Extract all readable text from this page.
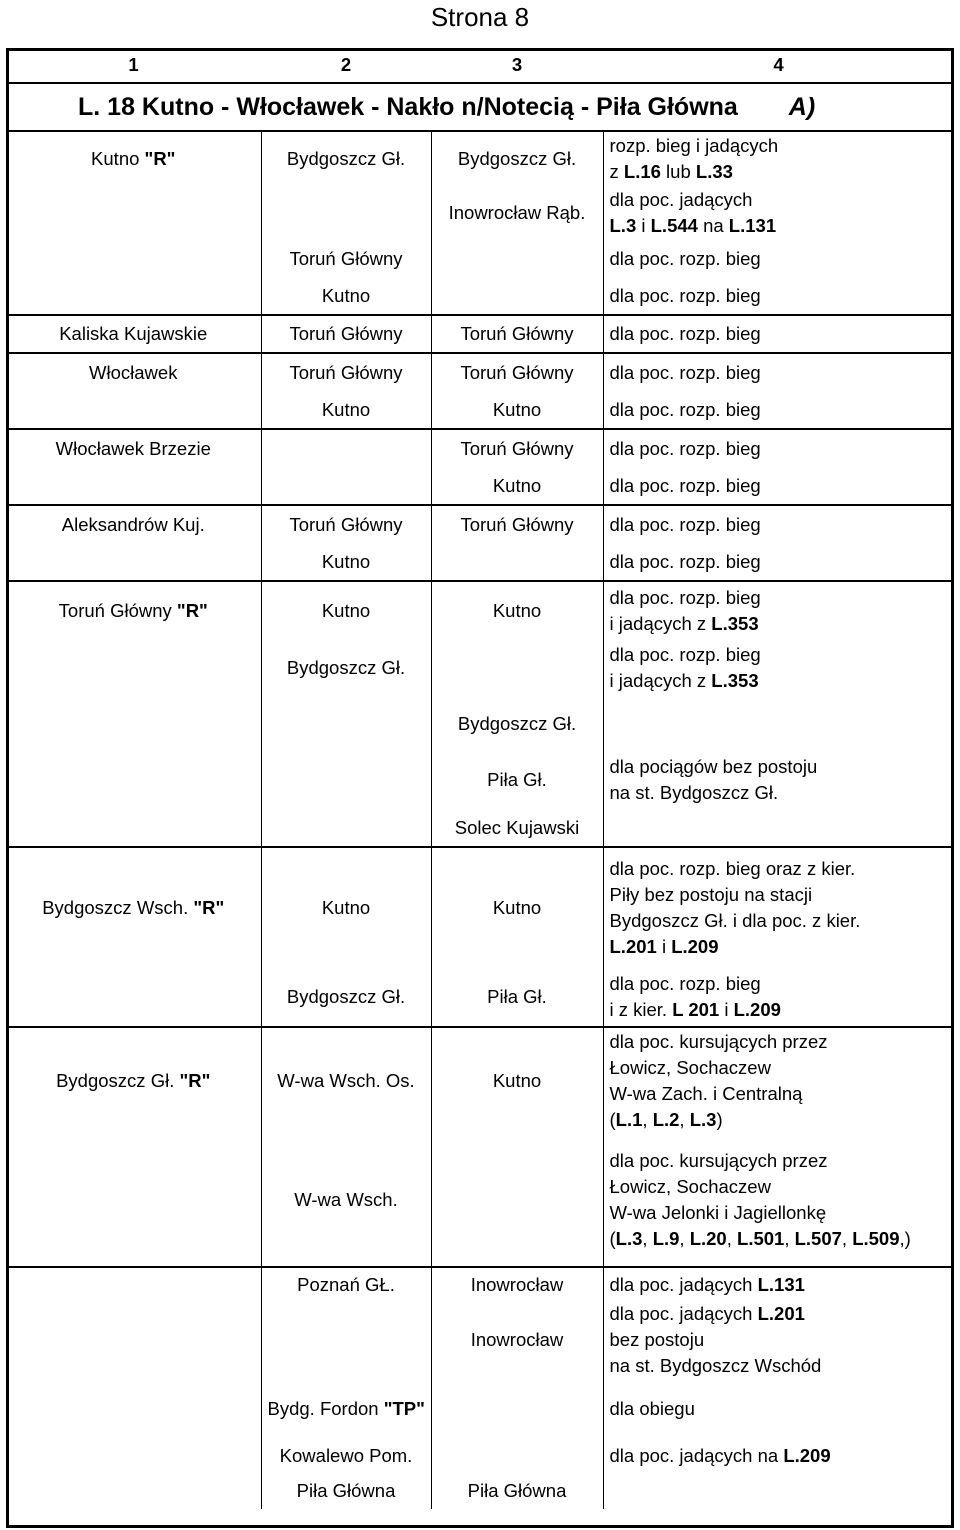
Strona 8
1	2	3	4
L. 18 Kutno - Włocławek - Nakło n/Notecią - Piła Główna A)			
Kutno "R"	Bydgoszcz Gł.	Bydgoszcz Gł.	rozp. bieg i jadących
z L.16 lub L.33

		Inowrocław Rąb.	dla poc. jadących
L.3 i L.544 na L.131

	Toruń Główny		dla poc. rozp. bieg

	Kutno		dla poc. rozp. bieg

Kaliska Kujawskie	Toruń Główny	Toruń Główny	dla poc. rozp. bieg

Włocławek	Toruń Główny	Toruń Główny	dla poc. rozp. bieg

	Kutno	Kutno	dla poc. rozp. bieg

Włocławek Brzezie		Toruń Główny	dla poc. rozp. bieg

		Kutno	dla poc. rozp. bieg

Aleksandrów Kuj.	Toruń Główny	Toruń Główny	dla poc. rozp. bieg

	Kutno		dla poc. rozp. bieg

Toruń Główny "R"	Kutno	Kutno	dla poc. rozp. bieg
i jadących z L.353

	Bydgoszcz Gł.		dla poc. rozp. bieg
i jadących z L.353

		Bydgoszcz Gł.	
		Piła Gł.	dla pociągów bez postoju
na st. Bydgoszcz Gł.

		Solec Kujawski	
Bydgoszcz Wsch. "R"	Kutno	Kutno	dla poc. rozp. bieg oraz z kier.
Piły bez postoju na stacji
Bydgoszcz Gł. i dla poc. z kier.
L.201 i L.209

	Bydgoszcz Gł.	Piła Gł.	dla poc. rozp. bieg
i z kier. L 201 i L.209

Bydgoszcz Gł. "R"	W-wa Wsch. Os.	Kutno	dla poc. kursujących przez
Łowicz, Sochaczew
W-wa Zach. i Centralną
(L.1, L.2, L.3)

	W-wa Wsch.		dla poc. kursujących przez
Łowicz, Sochaczew
W-wa Jelonki i Jagiellonkę
(L.3, L.9, L.20, L.501, L.507, L.509,)

	Poznań GŁ.	Inowrocław	dla poc. jadących L.131

		Inowrocław	dla poc. jadących L.201
bez postoju
na st. Bydgoszcz Wschód

	Bydg. Fordon "TP"		dla obiegu

	Kowalewo Pom.		dla poc. jadących na L.209

	Piła Główna	Piła Główna	
